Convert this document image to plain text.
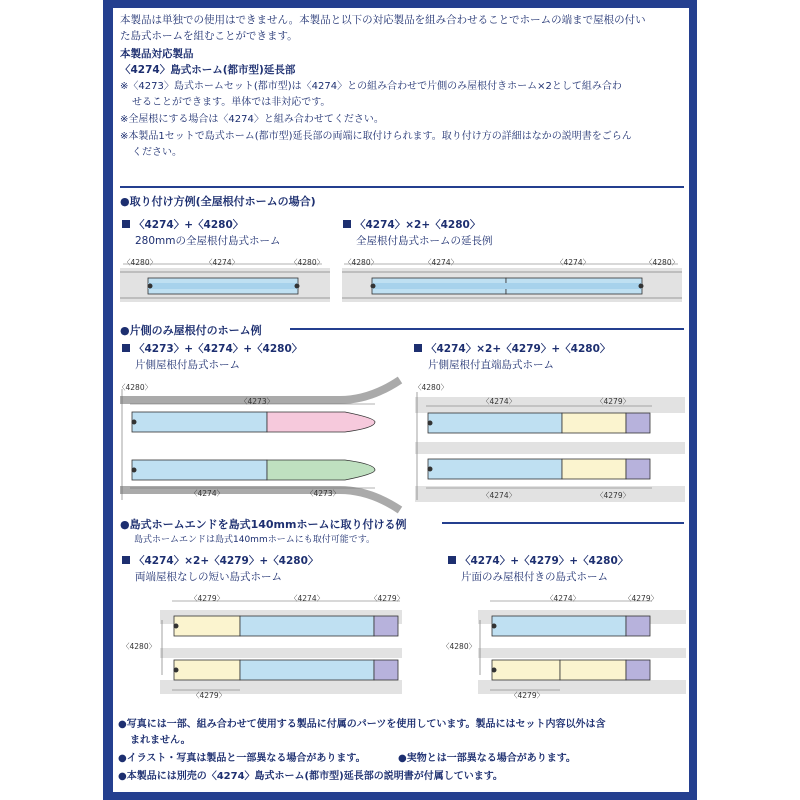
本製品は単独での使用はできません。本製品と以下の対応製品を組み合わせることでホームの端まで屋根の付い
た島式ホームを組むことができます。
本製品対応製品
〈4274〉島式ホーム(都市型)延長部
※〈4273〉島式ホームセット(都市型)は〈4274〉との組み合わせで片側のみ屋根付きホーム×2として組み合わ
せることができます。単体では非対応です。
※全屋根にする場合は〈4274〉と組み合わせてください。
※本製品1セットで島式ホーム(都市型)延長部の両端に取付けられます。取り付け方の詳細はなかの説明書をごらん
ください。
●取り付け方例(全屋根付ホームの場合)
〈4274〉+〈4280〉
280mmの全屋根付島式ホーム
〈4274〉×2+〈4280〉
全屋根付島式ホームの延長例
●片側のみ屋根付のホーム例
〈4273〉+〈4274〉+〈4280〉
片側屋根付島式ホーム
〈4274〉×2+〈4279〉+〈4280〉
片側屋根付直端島式ホーム
●島式ホームエンドを島式140mmホームに取り付ける例
島式ホームエンドは島式140mmホームにも取付可能です。
〈4274〉×2+〈4279〉+〈4280〉
両端屋根なしの短い島式ホーム
〈4274〉+〈4279〉+〈4280〉
片面のみ屋根付きの島式ホーム
〈4280〉	〈4274〉	〈4280〉	〈4280〉	〈4274〉	〈4274〉	〈4280〉
〈4280〉
〈4273〉
〈4274〉	〈4273〉
〈4280〉
〈4274〉	〈4279〉
〈4274〉	〈4279〉
〈4279〉	〈4274〉	〈4279〉
〈4280〉
〈4279〉
〈4274〉	〈4279〉
〈4280〉
〈4279〉
●写真には一部、組み合わせて使用する製品に付属のパーツを使用しています。製品にはセット内容以外は含
まれません。
●イラスト・写真は製品と一部異なる場合があります。	●実物とは一部異なる場合があります。
●本製品には別売の〈4274〉島式ホーム(都市型)延長部の説明書が付属しています。
